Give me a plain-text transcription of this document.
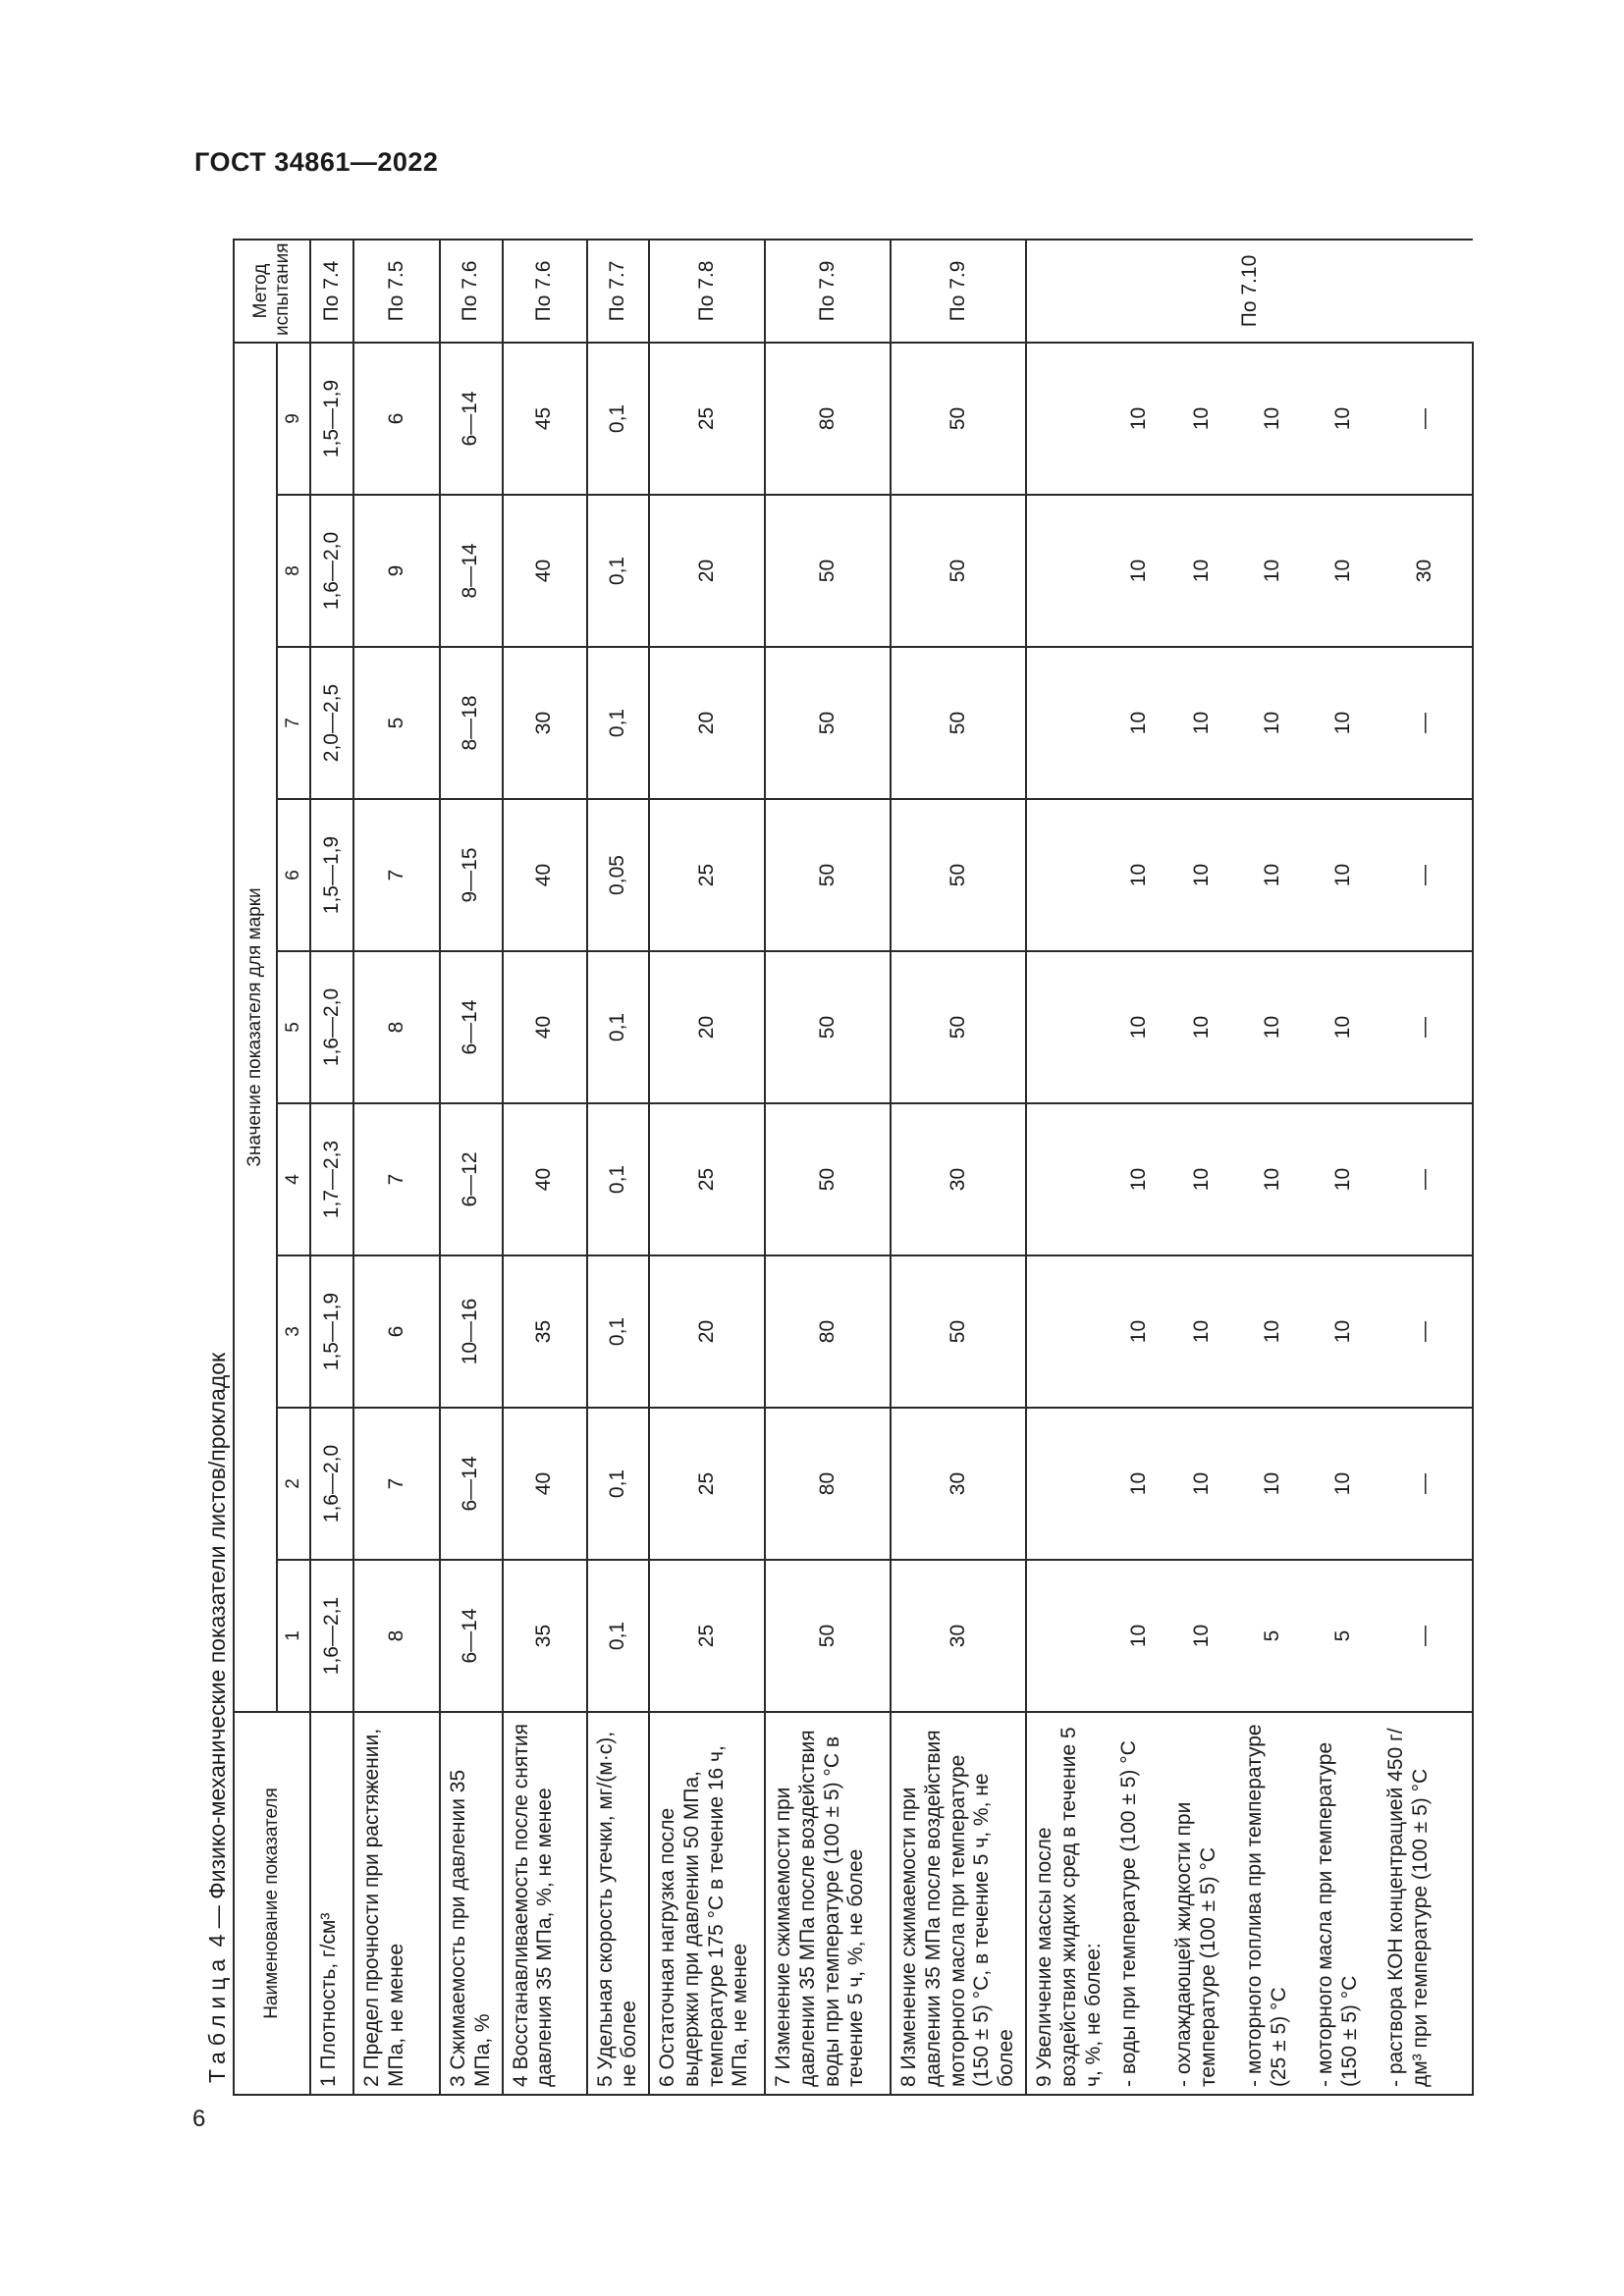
ГОСТ 34861—2022
6
Таблица 4 — Физико-механические показатели листов/прокладок Наименование показателя	Значение показателя для марки									Метод испытания
	1	2	3	4	5	6	7	8	9	
1 Плотность, г/см³	1,6—2,1	1,6—2,0	1,5—1,9	1,7—2,3	1,6—2,0	1,5—1,9	2,0—2,5	1,6—2,0	1,5—1,9	По 7.4
2 Предел прочности при растяжении, МПа, не менее	8	7	6	7	8	7	5	9	6	По 7.5
3 Сжимаемость при давлении 35 МПа, %	6—14	6—14	10—16	6—12	6—14	9—15	8—18	8—14	6—14	По 7.6
4 Восстанавливаемость после снятия давления 35 МПа, %, не менее	35	40	35	40	40	40	30	40	45	По 7.6
5 Удельная скорость утечки, мг/(м·с), не более	0,1	0,1	0,1	0,1	0,1	0,05	0,1	0,1	0,1	По 7.7
6 Остаточная нагрузка после выдержки при давлении 50 МПа, температуре 175 °С в течение 16 ч, МПа, не менее	25	25	20	25	20	25	20	20	25	По 7.8
7 Изменение сжимаемости при давлении 35 МПа после воздействия воды при температуре (100 ± 5) °С в течение 5 ч, %, не более	50	80	80	50	50	50	50	50	80	По 7.9
8 Изменение сжимаемости при давлении 35 МПа после воздействия моторного масла при температуре (150 ± 5) °С, в течение 5 ч, %, не более	30	30	50	30	50	50	50	50	50	По 7.9
9 Увеличение массы после воздействия жидких сред в течение 5 ч, %, не более:										По 7.10
- воды при температуре (100 ± 5) °С	10	10	10	10	10	10	10	10	10	
- охлаждающей жидкости при температуре (100 ± 5) °С	10	10	10	10	10	10	10	10	10	
- моторного топлива при температуре (25 ± 5) °С	5	10	10	10	10	10	10	10	10	
- моторного масла при температуре (150 ± 5) °С	5	10	10	10	10	10	10	10	10	
- раствора КОН концентрацией 450 г/дм³ при температуре (100 ± 5) °С	—	—	—	—	—	—	—	30	—	
